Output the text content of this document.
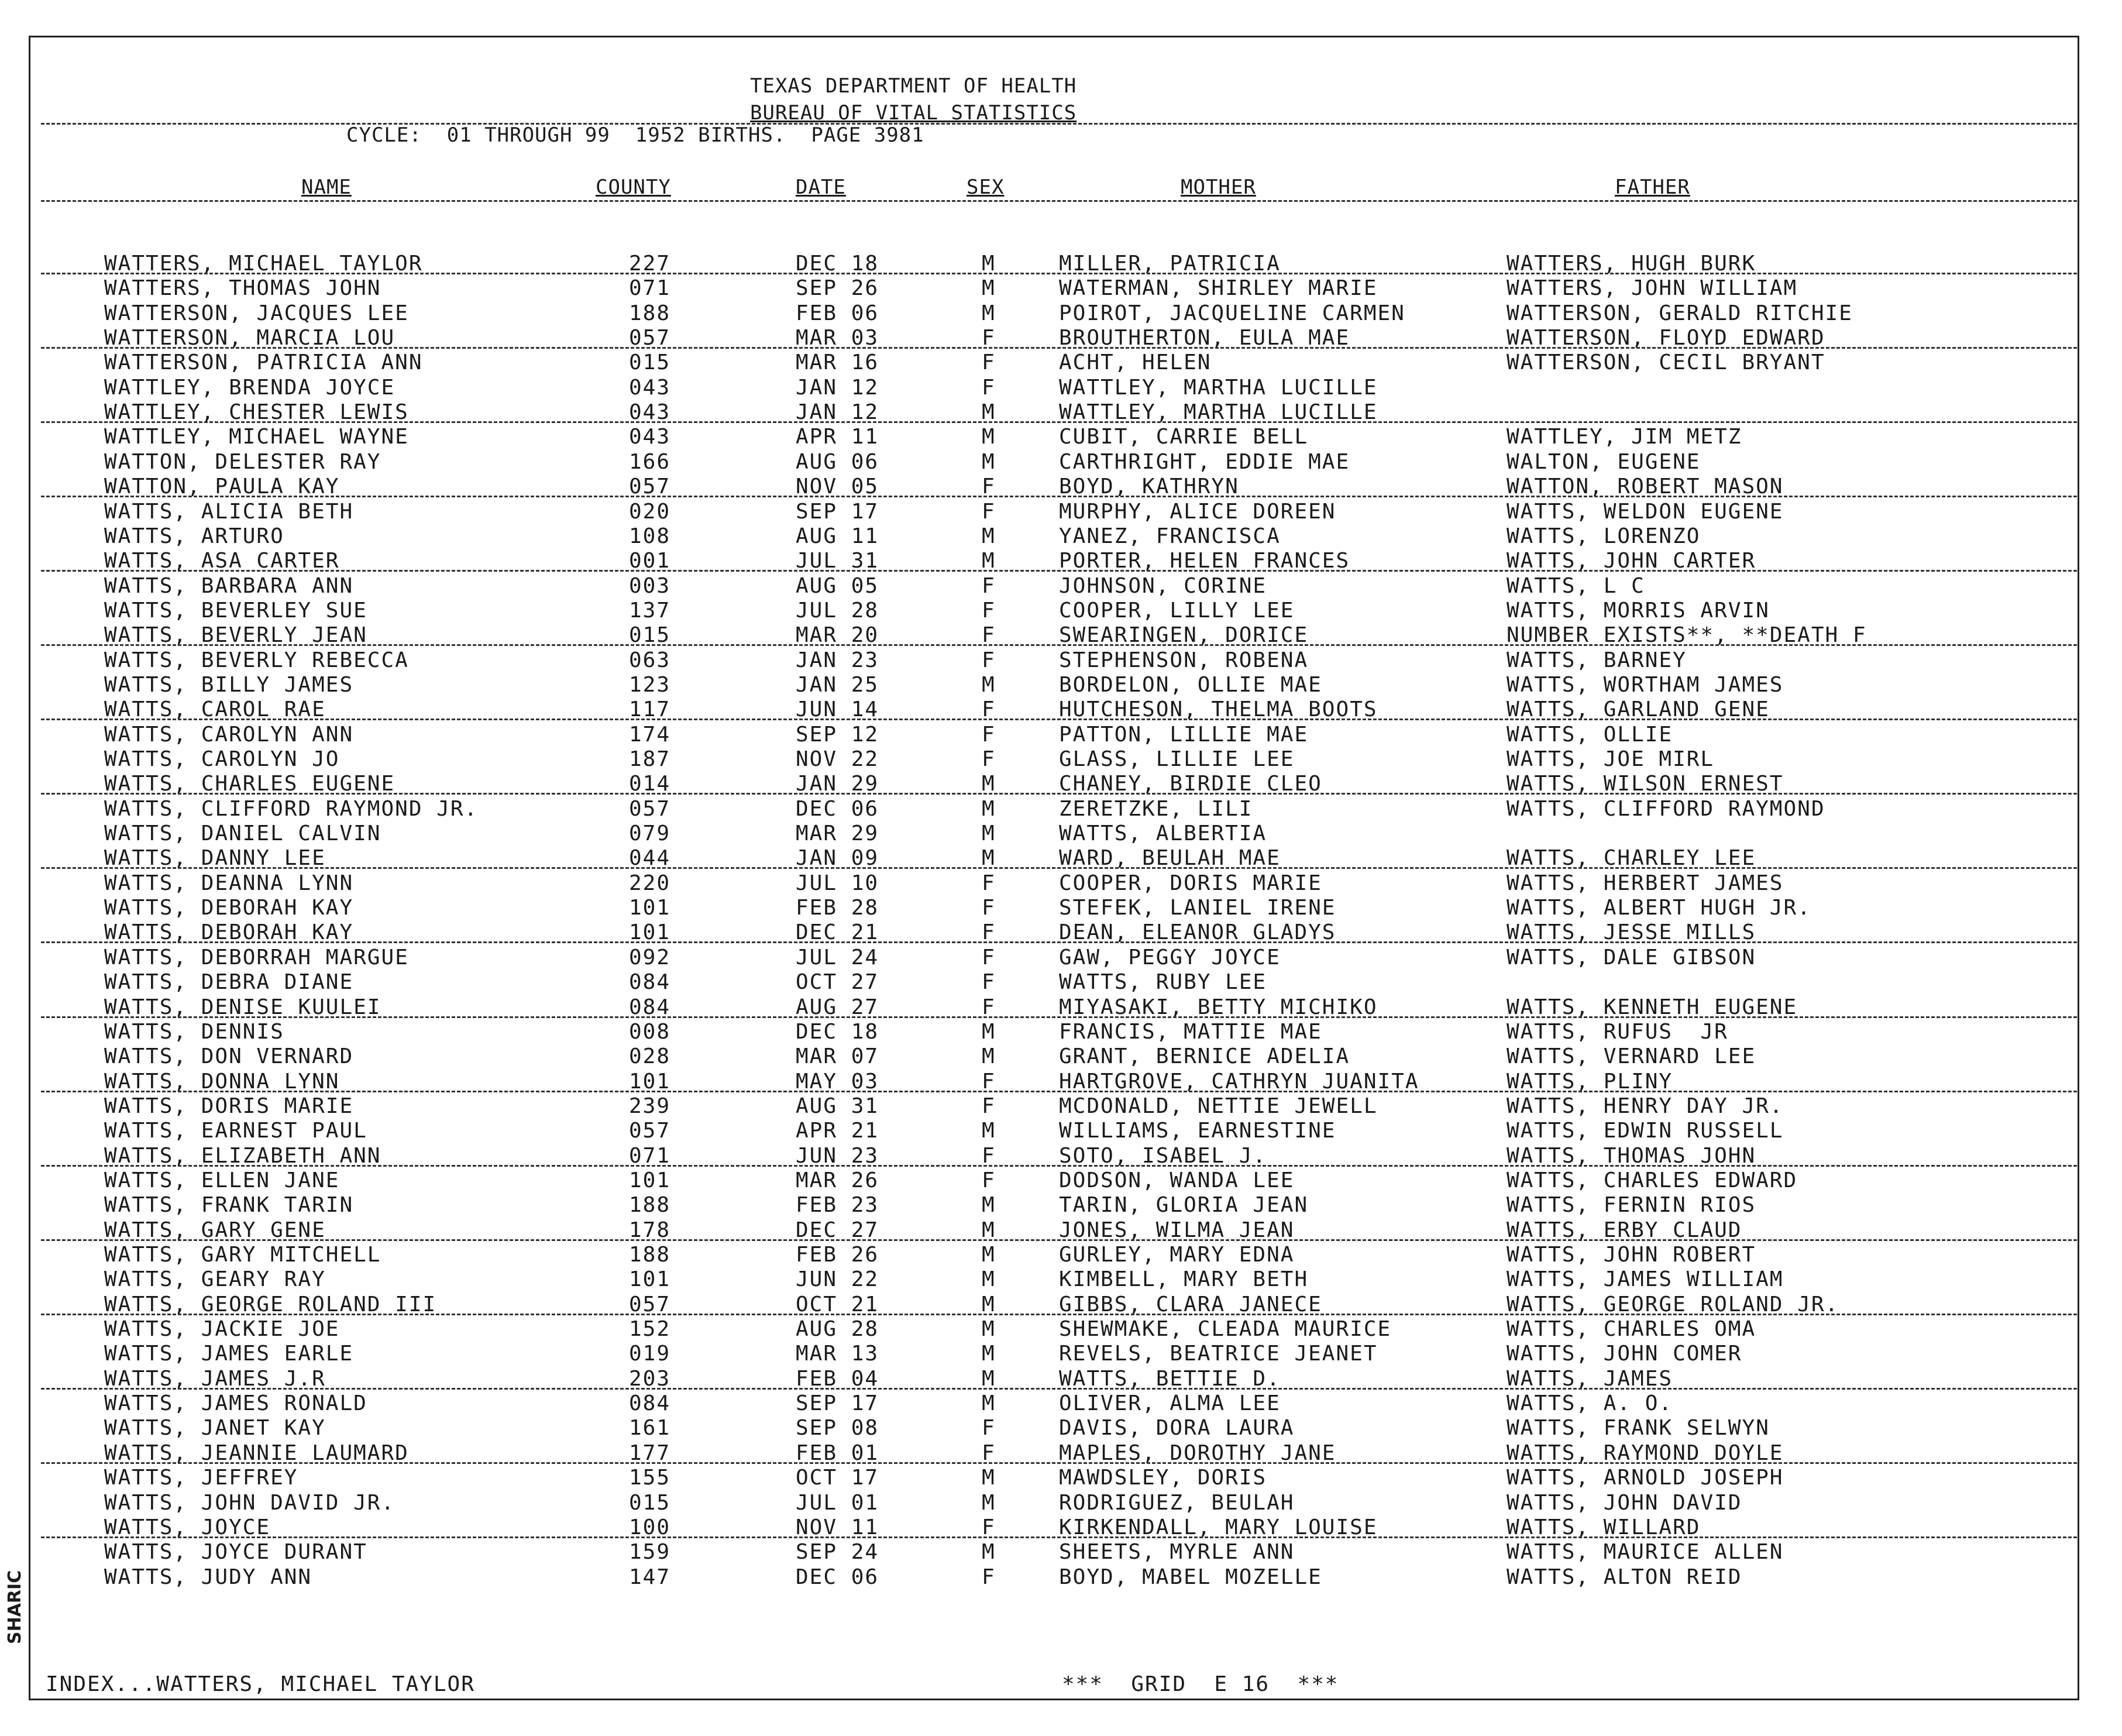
TEXAS DEPARTMENT OF HEALTH
BUREAU OF VITAL STATISTICS
CYCLE:  01 THROUGH 99  1952 BIRTHS.  PAGE 3981
NAME	COUNTY	DATE	SEX	MOTHER	FATHER
WATTERS, MICHAEL TAYLOR	227	DEC 18	M	MILLER, PATRICIA	WATTERS, HUGH BURK
WATTERS, THOMAS JOHN	071	SEP 26	M	WATERMAN, SHIRLEY MARIE	WATTERS, JOHN WILLIAM
WATTERSON, JACQUES LEE	188	FEB 06	M	POIROT, JACQUELINE CARMEN	WATTERSON, GERALD RITCHIE
WATTERSON, MARCIA LOU	057	MAR 03	F	BROUTHERTON, EULA MAE	WATTERSON, FLOYD EDWARD
WATTERSON, PATRICIA ANN	015	MAR 16	F	ACHT, HELEN	WATTERSON, CECIL BRYANT
WATTLEY, BRENDA JOYCE	043	JAN 12	F	WATTLEY, MARTHA LUCILLE
WATTLEY, CHESTER LEWIS	043	JAN 12	M	WATTLEY, MARTHA LUCILLE
WATTLEY, MICHAEL WAYNE	043	APR 11	M	CUBIT, CARRIE BELL	WATTLEY, JIM METZ
WATTON, DELESTER RAY	166	AUG 06	M	CARTHRIGHT, EDDIE MAE	WALTON, EUGENE
WATTON, PAULA KAY	057	NOV 05	F	BOYD, KATHRYN	WATTON, ROBERT MASON
WATTS, ALICIA BETH	020	SEP 17	F	MURPHY, ALICE DOREEN	WATTS, WELDON EUGENE
WATTS, ARTURO	108	AUG 11	M	YANEZ, FRANCISCA	WATTS, LORENZO
WATTS, ASA CARTER	001	JUL 31	M	PORTER, HELEN FRANCES	WATTS, JOHN CARTER
WATTS, BARBARA ANN	003	AUG 05	F	JOHNSON, CORINE	WATTS, L C
WATTS, BEVERLEY SUE	137	JUL 28	F	COOPER, LILLY LEE	WATTS, MORRIS ARVIN
WATTS, BEVERLY JEAN	015	MAR 20	F	SWEARINGEN, DORICE	NUMBER EXISTS**, **DEATH F
WATTS, BEVERLY REBECCA	063	JAN 23	F	STEPHENSON, ROBENA	WATTS, BARNEY
WATTS, BILLY JAMES	123	JAN 25	M	BORDELON, OLLIE MAE	WATTS, WORTHAM JAMES
WATTS, CAROL RAE	117	JUN 14	F	HUTCHESON, THELMA BOOTS	WATTS, GARLAND GENE
WATTS, CAROLYN ANN	174	SEP 12	F	PATTON, LILLIE MAE	WATTS, OLLIE
WATTS, CAROLYN JO	187	NOV 22	F	GLASS, LILLIE LEE	WATTS, JOE MIRL
WATTS, CHARLES EUGENE	014	JAN 29	M	CHANEY, BIRDIE CLEO	WATTS, WILSON ERNEST
WATTS, CLIFFORD RAYMOND JR.	057	DEC 06	M	ZERETZKE, LILI	WATTS, CLIFFORD RAYMOND
WATTS, DANIEL CALVIN	079	MAR 29	M	WATTS, ALBERTIA
WATTS, DANNY LEE	044	JAN 09	M	WARD, BEULAH MAE	WATTS, CHARLEY LEE
WATTS, DEANNA LYNN	220	JUL 10	F	COOPER, DORIS MARIE	WATTS, HERBERT JAMES
WATTS, DEBORAH KAY	101	FEB 28	F	STEFEK, LANIEL IRENE	WATTS, ALBERT HUGH JR.
WATTS, DEBORAH KAY	101	DEC 21	F	DEAN, ELEANOR GLADYS	WATTS, JESSE MILLS
WATTS, DEBORRAH MARGUE	092	JUL 24	F	GAW, PEGGY JOYCE	WATTS, DALE GIBSON
WATTS, DEBRA DIANE	084	OCT 27	F	WATTS, RUBY LEE
WATTS, DENISE KUULEI	084	AUG 27	F	MIYASAKI, BETTY MICHIKO	WATTS, KENNETH EUGENE
WATTS, DENNIS	008	DEC 18	M	FRANCIS, MATTIE MAE	WATTS, RUFUS  JR
WATTS, DON VERNARD	028	MAR 07	M	GRANT, BERNICE ADELIA	WATTS, VERNARD LEE
WATTS, DONNA LYNN	101	MAY 03	F	HARTGROVE, CATHRYN JUANITA	WATTS, PLINY
WATTS, DORIS MARIE	239	AUG 31	F	MCDONALD, NETTIE JEWELL	WATTS, HENRY DAY JR.
WATTS, EARNEST PAUL	057	APR 21	M	WILLIAMS, EARNESTINE	WATTS, EDWIN RUSSELL
WATTS, ELIZABETH ANN	071	JUN 23	F	SOTO, ISABEL J.	WATTS, THOMAS JOHN
WATTS, ELLEN JANE	101	MAR 26	F	DODSON, WANDA LEE	WATTS, CHARLES EDWARD
WATTS, FRANK TARIN	188	FEB 23	M	TARIN, GLORIA JEAN	WATTS, FERNIN RIOS
WATTS, GARY GENE	178	DEC 27	M	JONES, WILMA JEAN	WATTS, ERBY CLAUD
WATTS, GARY MITCHELL	188	FEB 26	M	GURLEY, MARY EDNA	WATTS, JOHN ROBERT
WATTS, GEARY RAY	101	JUN 22	M	KIMBELL, MARY BETH	WATTS, JAMES WILLIAM
WATTS, GEORGE ROLAND III	057	OCT 21	M	GIBBS, CLARA JANECE	WATTS, GEORGE ROLAND JR.
WATTS, JACKIE JOE	152	AUG 28	M	SHEWMAKE, CLEADA MAURICE	WATTS, CHARLES OMA
WATTS, JAMES EARLE	019	MAR 13	M	REVELS, BEATRICE JEANET	WATTS, JOHN COMER
WATTS, JAMES J.R	203	FEB 04	M	WATTS, BETTIE D.	WATTS, JAMES
WATTS, JAMES RONALD	084	SEP 17	M	OLIVER, ALMA LEE	WATTS, A. O.
WATTS, JANET KAY	161	SEP 08	F	DAVIS, DORA LAURA	WATTS, FRANK SELWYN
WATTS, JEANNIE LAUMARD	177	FEB 01	F	MAPLES, DOROTHY JANE	WATTS, RAYMOND DOYLE
WATTS, JEFFREY	155	OCT 17	M	MAWDSLEY, DORIS	WATTS, ARNOLD JOSEPH
WATTS, JOHN DAVID JR.	015	JUL 01	M	RODRIGUEZ, BEULAH	WATTS, JOHN DAVID
WATTS, JOYCE	100	NOV 11	F	KIRKENDALL, MARY LOUISE	WATTS, WILLARD
WATTS, JOYCE DURANT	159	SEP 24	M	SHEETS, MYRLE ANN	WATTS, MAURICE ALLEN
WATTS, JUDY ANN	147	DEC 06	F	BOYD, MABEL MOZELLE	WATTS, ALTON REID
SHARIC
INDEX...WATTERS, MICHAEL TAYLOR	***  GRID  E 16  ***
